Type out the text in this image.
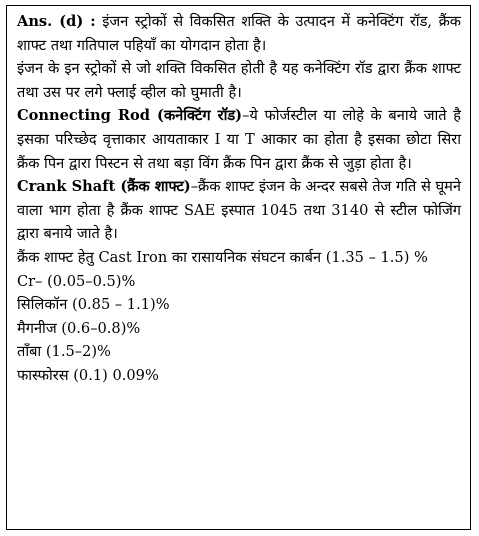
Ans. (d) : इंजन स्ट्रोकों से विकसित शक्ति के उत्पादन में कनेक्टिंग रॉड, क्रैंक शाफ्ट तथा गतिपाल पहियाँ का योगदान होता है।

इंजन के इन स्ट्रोकों से जो शक्ति विकसित होती है यह कनेक्टिंग रॉड द्वारा क्रैंक शाफ्ट तथा उस पर लगे फ्लाई व्हील को घुमाती है।

Connecting Rod (कनेक्टिंग रॉड)–ये फोर्जस्टील या लोहे के बनाये जाते है इसका परिच्छेद वृत्ताकार आयताकार I या T आकार का होता है इसका छोटा सिरा क्रैंक पिन द्वारा पिस्टन से तथा बड़ा विंग क्रैंक पिन द्वारा क्रैंक से जुड़ा होता है।

Crank Shaft (क्रैंक शाफ्ट)–क्रैंक शाफ्ट इंजन के अन्दर सबसे तेज गति से घूमने वाला भाग होता है क्रैंक शाफ्ट SAE इस्पात 1045 तथा 3140 से स्टील फोजिंग द्वारा बनाये जाते है।

क्रैंक शाफ्ट हेतु Cast Iron का रासायनिक संघटन कार्बन (1.35 – 1.5) %

Cr– (0.05–0.5)%

सिलिकॉन (0.85 – 1.1)%

मैगनीज (0.6–0.8)%

ताँबा (1.5–2)%

फास्फोरस (0.1) 0.09%
